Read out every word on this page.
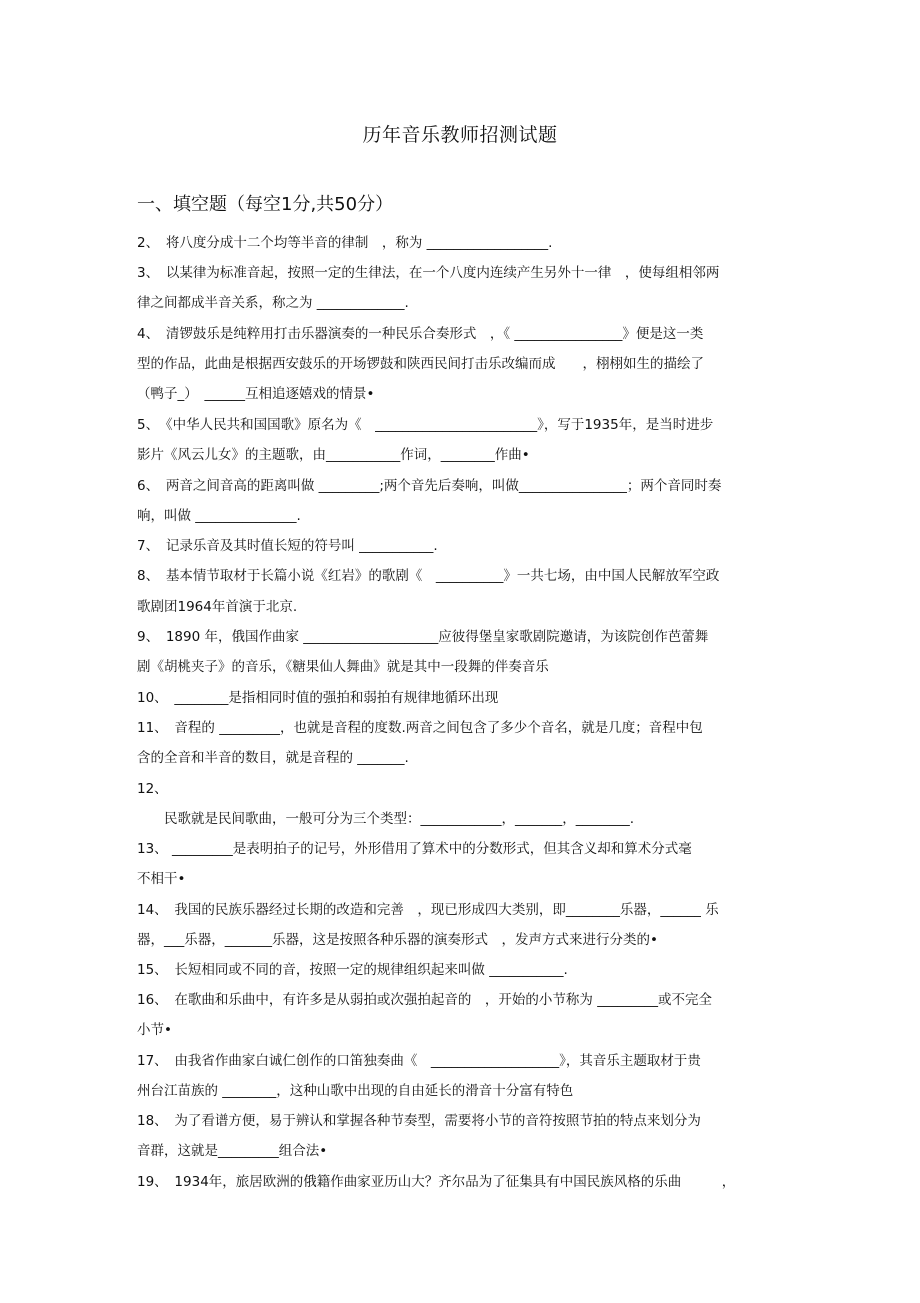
历年音乐教师招测试题
一、填空题（每空1分,共50分）
2、　将八度分成十二个均等半音的律制　，称为 __________________.
3、　以某律为标准音起，按照一定的生律法，在一个八度内连续产生另外十一律　，使每组相邻两
律之间都成半音关系，称之为 _____________.
4、　清锣鼓乐是纯粹用打击乐器演奏的一种民乐合奏形式　，《 ________________》便是这一类
型的作品，此曲是根据西安鼓乐的开场锣鼓和陕西民间打击乐改编而成　　，栩栩如生的描绘了
（鸭子_）　______互相追逐嬉戏的情景•
5、　《中华人民共和国国歌》原名为《　________________________》，写于1935年，是当时进步
影片《风云儿女》的主题歌，由___________作词，________作曲•
6、　两音之间音高的距离叫做 _________;两个音先后奏响，叫做________________；两个音同时奏
响，叫做 _______________.
7、　记录乐音及其时值长短的符号叫 ___________.
8、　基本情节取材于长篇小说《红岩》的歌剧《　__________》一共七场，由中国人民解放军空政
歌剧团1964年首演于北京.
9、　1890 年，俄国作曲家 ____________________应彼得堡皇家歌剧院邀请，为该院创作芭蕾舞
剧《胡桃夹子》的音乐，《糖果仙人舞曲》就是其中一段舞的伴奏音乐
10、　________是指相同时值的强拍和弱拍有规律地循环出现
11、　音程的 _________，也就是音程的度数.两音之间包含了多少个音名，就是几度；音程中包
含的全音和半音的数目，就是音程的 _______.
12、
　　民歌就是民间歌曲，一般可分为三个类型：____________，_______，________.
13、 _________是表明拍子的记号，外形借用了算术中的分数形式，但其含义却和算术分式毫
不相干•
14、　我国的民族乐器经过长期的改造和完善　，现已形成四大类别，即________乐器，______ 乐
器，___乐器，_______乐器，这是按照各种乐器的演奏形式　，发声方式来进行分类的•
15、　长短相同或不同的音，按照一定的规律组织起来叫做 ___________.
16、　在歌曲和乐曲中，有许多是从弱拍或次强拍起音的　，开始的小节称为 _________或不完全
小节•
17、　由我省作曲家白诚仁创作的口笛独奏曲《　___________________》，其音乐主题取材于贵
州台江苗族的 ________，这种山歌中出现的自由延长的滑音十分富有特色
18、　为了看谱方便，易于辨认和掌握各种节奏型，需要将小节的音符按照节拍的特点来划分为
音群，这就是_________组合法•
19、　1934年，旅居欧洲的俄籍作曲家亚历山大？齐尔品为了征集具有中国民族风格的乐曲　　　，
